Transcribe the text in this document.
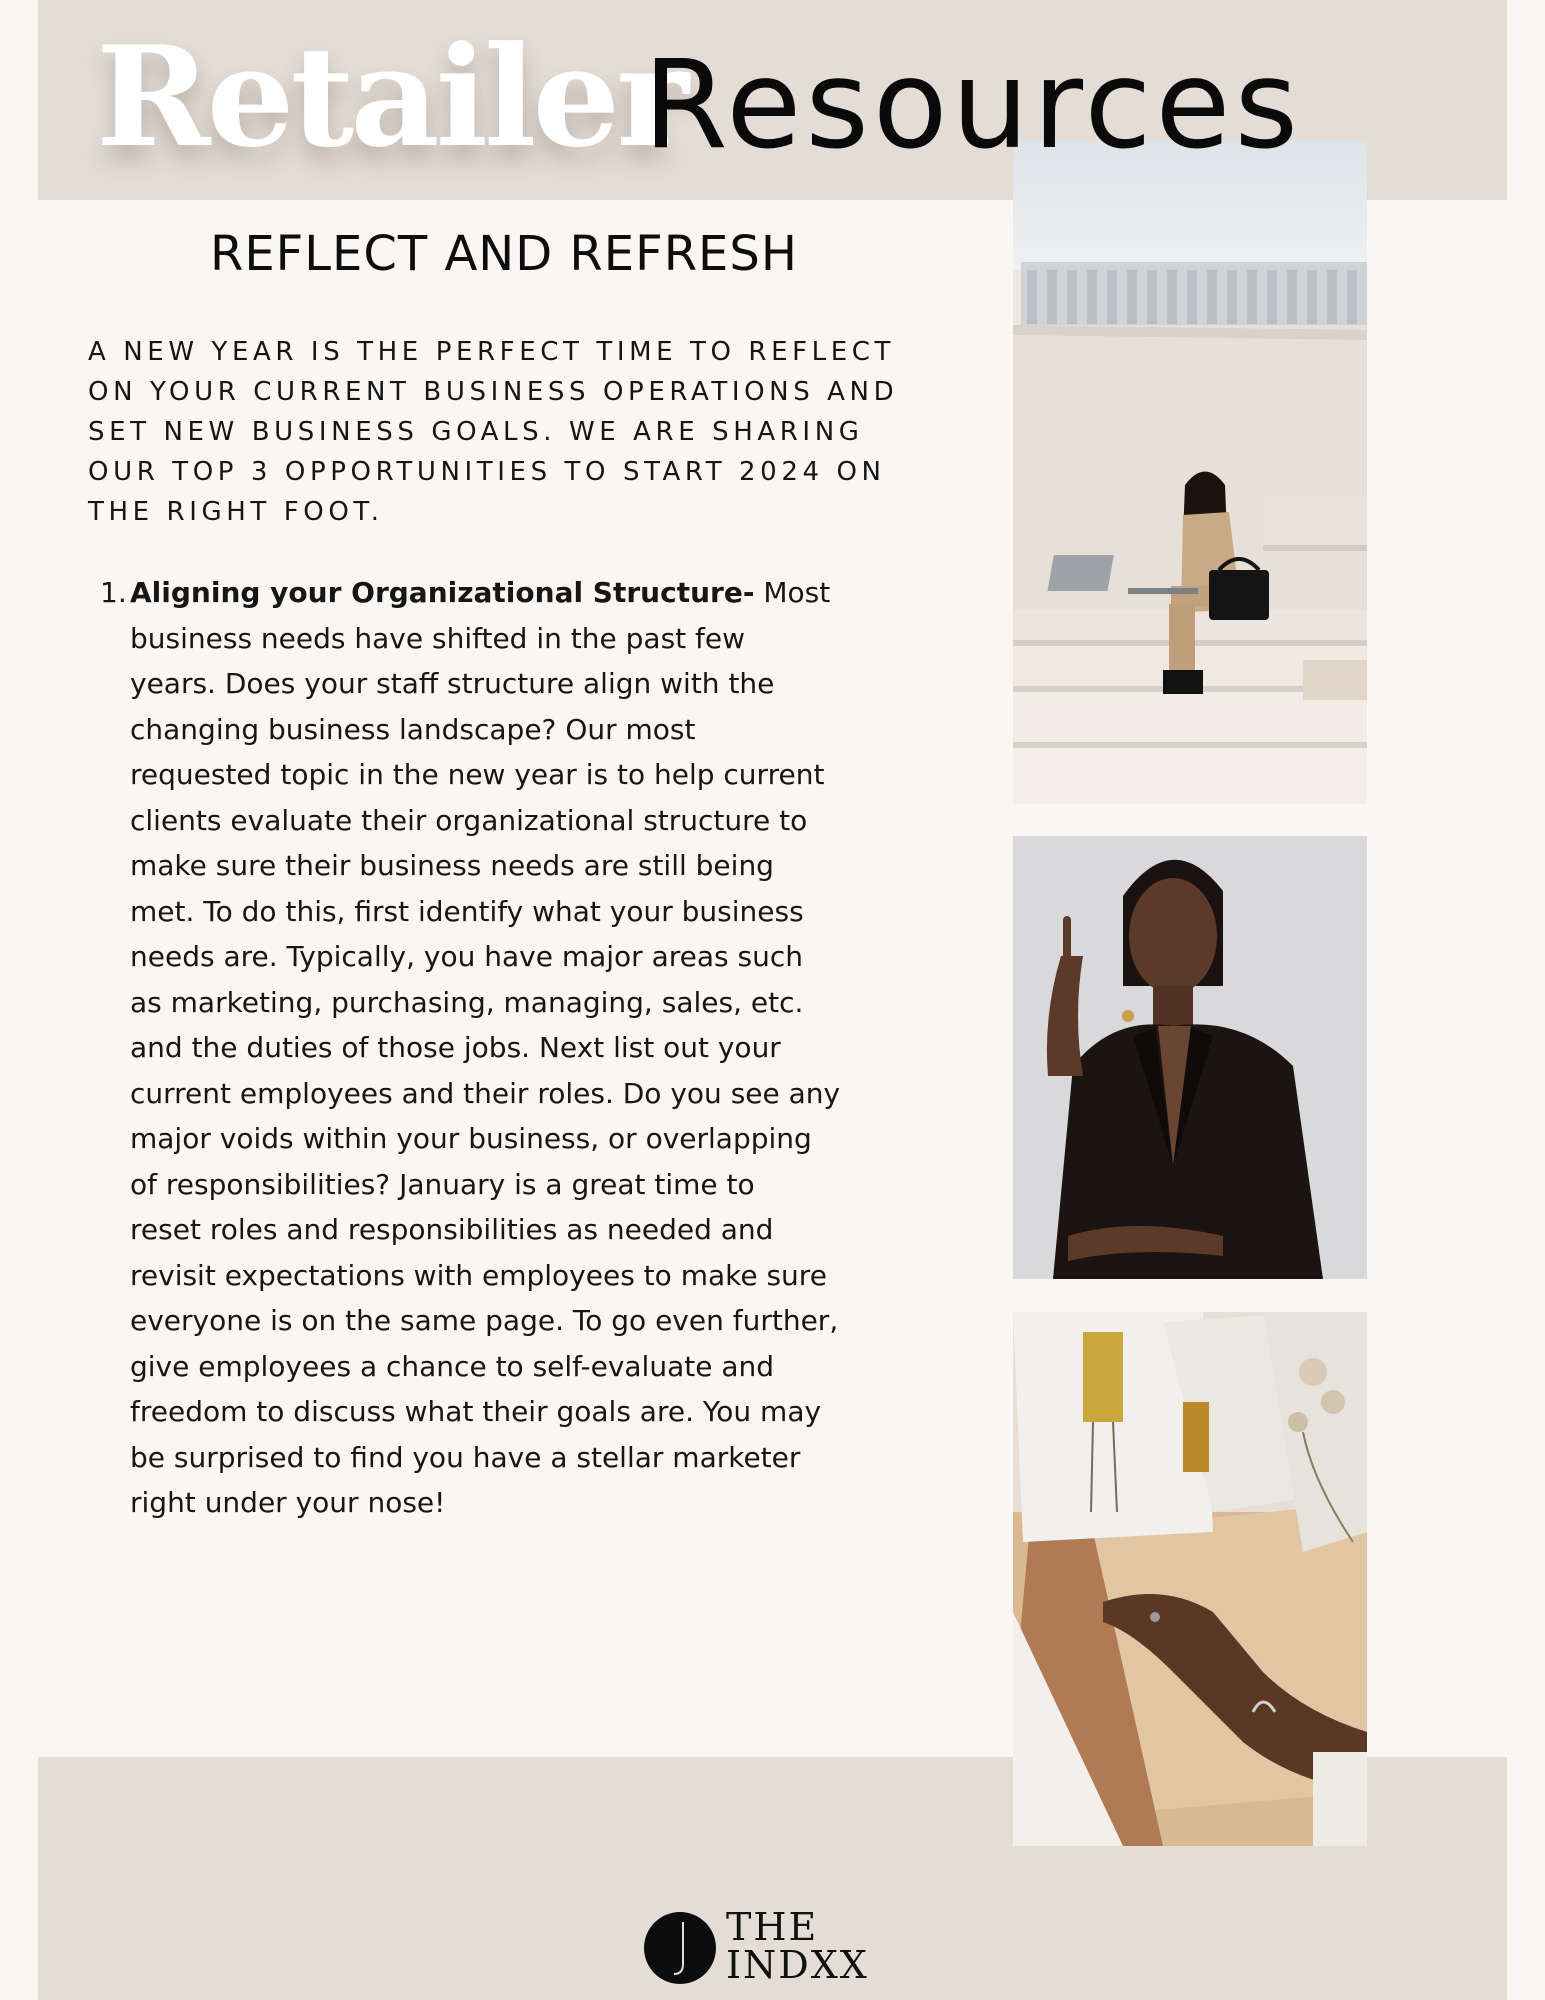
Retailer
Resources
REFLECT AND REFRESH
A NEW YEAR IS THE PERFECT TIME TO REFLECT
ON YOUR CURRENT BUSINESS OPERATIONS AND
SET NEW BUSINESS GOALS. WE ARE SHARING
OUR TOP 3 OPPORTUNITIES TO START 2024 ON
THE RIGHT FOOT.
1. Aligning your Organizational Structure- Most
business needs have shifted in the past few
years. Does your staff structure align with the
changing business landscape? Our most
requested topic in the new year is to help current
clients evaluate their organizational structure to
make sure their business needs are still being
met. To do this, first identify what your business
needs are. Typically, you have major areas such
as marketing, purchasing, managing, sales, etc.
and the duties of those jobs. Next list out your
current employees and their roles. Do you see any
major voids within your business, or overlapping
of responsibilities? January is a great time to
reset roles and responsibilities as needed and
revisit expectations with employees to make sure
everyone is on the same page. To go even further,
give employees a chance to self-evaluate and
freedom to discuss what their goals are. You may
be surprised to find you have a stellar marketer
right under your nose!
THE
INDXX
